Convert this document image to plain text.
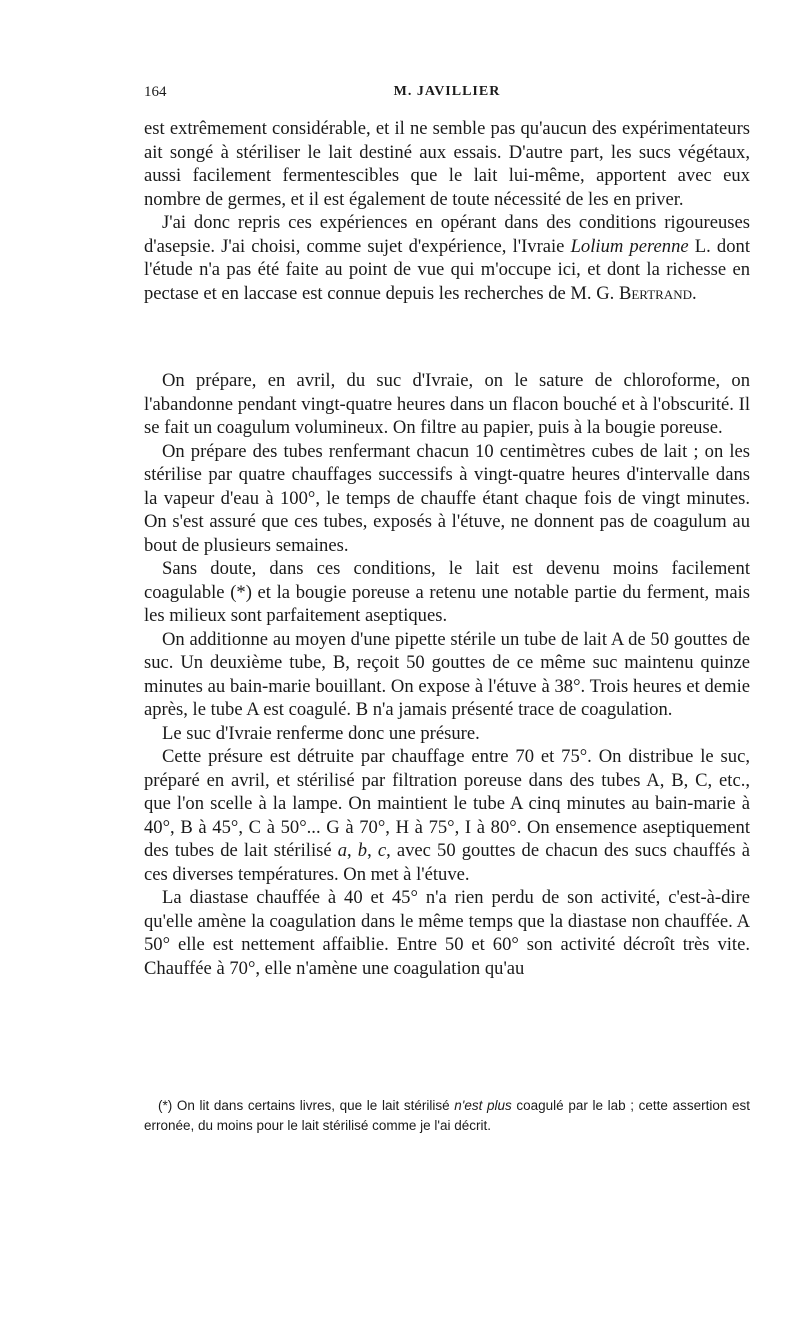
164	M. JAVILLIER

est extrêmement considérable, et il ne semble pas qu'aucun des expérimentateurs ait songé à stériliser le lait destiné aux essais. D'autre part, les sucs végétaux, aussi facilement fermentescibles que le lait lui-même, apportent avec eux nombre de germes, et il est également de toute nécessité de les en priver.

J'ai donc repris ces expériences en opérant dans des conditions rigoureuses d'asepsie. J'ai choisi, comme sujet d'expérience, l'Ivraie Lolium perenne L. dont l'étude n'a pas été faite au point de vue qui m'occupe ici, et dont la richesse en pectase et en laccase est connue depuis les recherches de M. G. Bertrand.

On prépare, en avril, du suc d'Ivraie, on le sature de chloroforme, on l'abandonne pendant vingt-quatre heures dans un flacon bouché et à l'obscurité. Il se fait un coagulum volumineux. On filtre au papier, puis à la bougie poreuse.

On prépare des tubes renfermant chacun 10 centimètres cubes de lait ; on les stérilise par quatre chauffages successifs à vingt-quatre heures d'intervalle dans la vapeur d'eau à 100°, le temps de chauffe étant chaque fois de vingt minutes. On s'est assuré que ces tubes, exposés à l'étuve, ne donnent pas de coagulum au bout de plusieurs semaines.

Sans doute, dans ces conditions, le lait est devenu moins facilement coagulable (*) et la bougie poreuse a retenu une notable partie du ferment, mais les milieux sont parfaitement aseptiques.

On additionne au moyen d'une pipette stérile un tube de lait A de 50 gouttes de suc. Un deuxième tube, B, reçoit 50 gouttes de ce même suc maintenu quinze minutes au bain-marie bouillant. On expose à l'étuve à 38°. Trois heures et demie après, le tube A est coagulé. B n'a jamais présenté trace de coagulation.

Le suc d'Ivraie renferme donc une présure.

Cette présure est détruite par chauffage entre 70 et 75°. On distribue le suc, préparé en avril, et stérilisé par filtration poreuse dans des tubes A, B, C, etc., que l'on scelle à la lampe. On maintient le tube A cinq minutes au bain-marie à 40°, B à 45°, C à 50°... G à 70°, H à 75°, I à 80°. On ensemence aseptiquement des tubes de lait stérilisé a, b, c, avec 50 gouttes de chacun des sucs chauffés à ces diverses températures. On met à l'étuve.

La diastase chauffée à 40 et 45° n'a rien perdu de son activité, c'est-à-dire qu'elle amène la coagulation dans le même temps que la diastase non chauffée. A 50° elle est nettement affaiblie. Entre 50 et 60° son activité décroît très vite. Chauffée à 70°, elle n'amène une coagulation qu'au

(*) On lit dans certains livres, que le lait stérilisé n'est plus coagulé par le lab ; cette assertion est erronée, du moins pour le lait stérilisé comme je l'ai décrit.
